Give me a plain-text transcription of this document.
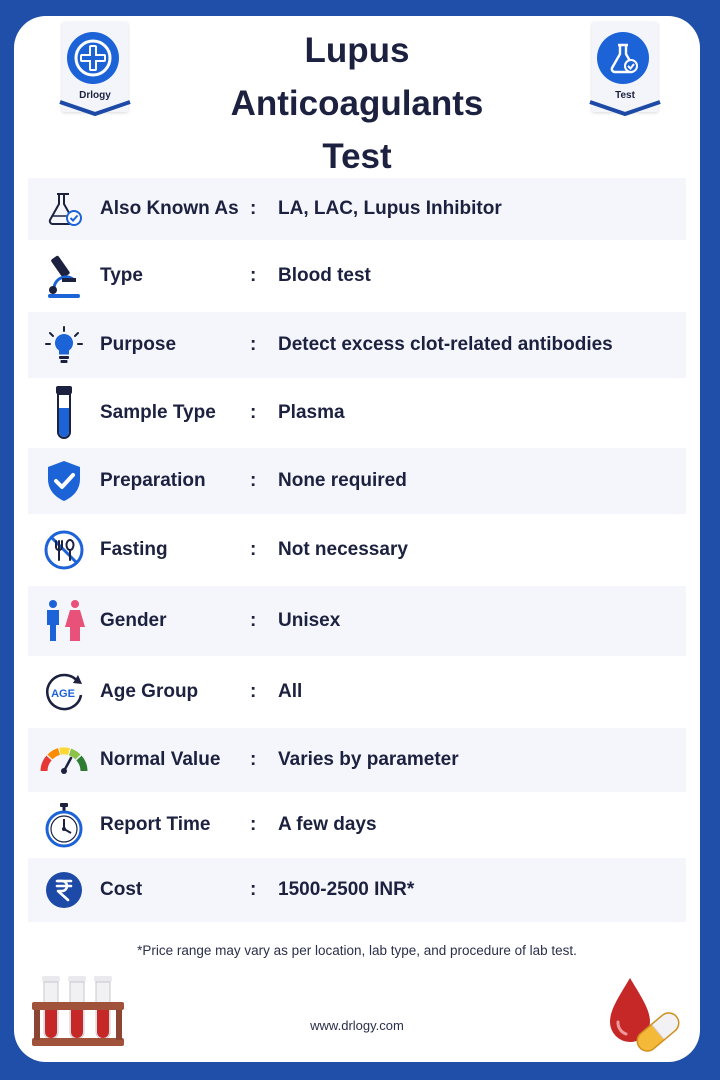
Drlogy	Test
Lupus
Anticoagulants
Test
Also Known As :	LA, LAC, Lupus Inhibitor
Type	:	Blood test
Purpose	:	Detect excess clot-related antibodies
Sample Type	:	Plasma
Preparation	:	None required
Fasting	:	Not necessary
Gender	:	Unisex
AGE Age Group	:	All
Normal Value	:	Varies by parameter
Report Time	:	A few days
Cost	:	1500-2500 INR*
*Price range may vary as per location, lab type, and procedure of lab test.
www.drlogy.com
